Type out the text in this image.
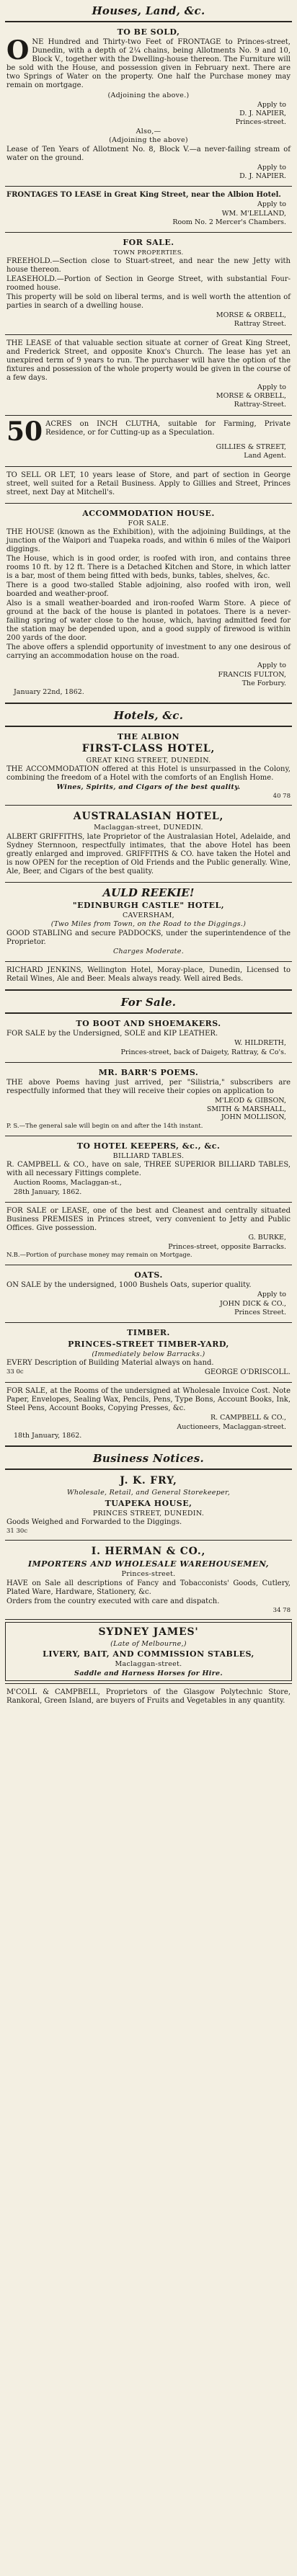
Houses, Land, &c.
TO BE SOLD,
O NE Hundred and Thirty-two Feet of FRONTAGE to Princes-street, Dunedin, with a depth of 2¼ chains, being Allotments No. 9 and 10, Block V., together with the Dwelling-house thereon. The Furniture will be sold with the House, and possession given in February next. There are two Springs of Water on the property. One half the Purchase money may remain on mortgage.
(Adjoining the above.)
Apply to
D. J. NAPIER,
Princes-street.
Also,—
(Adjoining the above)
Lease of Ten Years of Allotment No. 8, Block V.—a never-failing stream of water on the ground.
Apply to
D. J. NAPIER.
FRONTAGES TO LEASE in Great King Street, near the Albion Hotel.
Apply to
WM. M'LELLAND,
Room No. 2 Mercer's Chambers.
FOR SALE.
TOWN PROPERTIES.
FREEHOLD.—Section close to Stuart-street, and near the new Jetty with house thereon.
LEASEHOLD.—Portion of Section in George Street, with substantial Four-roomed house.
This property will be sold on liberal terms, and is well worth the attention of parties in search of a dwelling house.
MORSE & ORBELL,
Rattray Street.
THE LEASE of that valuable section situate at corner of Great King Street, and Frederick Street, and opposite Knox's Church. The lease has yet an unexpired term of 9 years to run. The purchaser will have the option of the fixtures and possession of the whole property would be given in the course of a few days.
Apply to
MORSE & ORBELL,
Rattray-Street.
50 ACRES on INCH CLUTHA, suitable for Farming, Private Residence, or for Cutting-up as a Speculation.
GILLIES & STREET,
Land Agent.
TO SELL OR LET, 10 years lease of Store, and part of section in George street, well suited for a Retail Business. Apply to Gillies and Street, Princes street, next Day at Mitchell's.
ACCOMMODATION HOUSE.
FOR SALE.
THE HOUSE (known as the Exhibition), with the adjoining Buildings, at the junction of the Waipori and Tuapeka roads, and within 6 miles of the Waipori diggings.
The House, which is in good order, is roofed with iron, and contains three rooms 10 ft. by 12 ft. There is a Detached Kitchen and Store, in which latter is a bar, most of them being fitted with beds, bunks, tables, shelves, &c.
There is a good two-stalled Stable adjoining, also roofed with iron, well boarded and weather-proof.
Also is a small weather-boarded and iron-roofed Warm Store. A piece of ground at the back of the house is planted in potatoes. There is a never-failing spring of water close to the house, which, having admitted feed for the station may be depended upon, and a good supply of firewood is within 200 yards of the door.
The above offers a splendid opportunity of investment to any one desirous of carrying an accommodation house on the road.
Apply to
FRANCIS FULTON,
The Forbury.
January 22nd, 1862.
Hotels, &c.
THE ALBION
FIRST-CLASS HOTEL,
GREAT KING STREET, DUNEDIN.
THE ACCOMMODATION offered at this Hotel is unsurpassed in the Colony, combining the freedom of a Hotel with the comforts of an English Home.
Wines, Spirits, and Cigars of the best quality.
40 78
AUSTRALASIAN HOTEL,
Maclaggan-street, DUNEDIN.
ALBERT GRIFFITHS, late Proprietor of the Australasian Hotel, Adelaide, and Sydney Sternnoon, respectfully intimates, that the above Hotel has been greatly enlarged and improved. GRIFFITHS & CO. have taken the Hotel and is now OPEN for the reception of Old Friends and the Public generally. Wine, Ale, Beer, and Cigars of the best quality.
AULD REEKIE!
"EDINBURGH CASTLE" HOTEL,
CAVERSHAM,
(Two Miles from Town, on the Road to the Diggings.)
GOOD STABLING and secure PADDOCKS, under the superintendence of the Proprietor.
Charges Moderate.
RICHARD JENKINS, Wellington Hotel, Moray-place, Dunedin, Licensed to Retail Wines, Ale and Beer. Meals always ready. Well aired Beds.
For Sale.
TO BOOT AND SHOEMAKERS.
FOR SALE by the Undersigned, SOLE and KIP LEATHER.
W. HILDRETH,
Princes-street, back of Daigety, Rattray, & Co's.
MR. BARR'S POEMS.
THE above Poems having just arrived, per "Silistria," subscribers are respectfully informed that they will receive their copies on application to
M'LEOD & GIBSON,
SMITH & MARSHALL,
JOHN MOLLISON,
P. S.—The general sale will begin on and after the 14th instant.
TO HOTEL KEEPERS, &c., &c.
BILLIARD TABLES.
R. CAMPBELL & CO., have on sale, THREE SUPERIOR BILLIARD TABLES, with all necessary Fittings complete.
Auction Rooms, Maclaggan-st.,
28th January, 1862.
FOR SALE or LEASE, one of the best and Cleanest and centrally situated Business PREMISES in Princes street, very convenient to Jetty and Public Offices. Give possession.
G. BURKE,
Princes-street, opposite Barracks.
N.B.—Portion of purchase money may remain on Mortgage.
OATS.
ON SALE by the undersigned, 1000 Bushels Oats, superior quality.
Apply to
JOHN DICK & CO.,
Princes Street.
TIMBER.
PRINCES-STREET TIMBER-YARD,
(Immediately below Barracks.)
EVERY Description of Building Material always on hand.
33 0c	GEORGE O'DRISCOLL.
FOR SALE, at the Rooms of the undersigned at Wholesale Invoice Cost. Note Paper, Envelopes, Sealing Wax, Pencils, Pens, Type Bons, Account Books, Ink, Steel Pens, Account Books, Copying Presses, &c.
R. CAMPBELL & CO.,
Auctioneers, Maclaggan-street.
18th January, 1862.
Business Notices.
J. K. FRY,
Wholesale, Retail, and General Storekeeper,
TUAPEKA HOUSE,
PRINCES STREET, DUNEDIN.
Goods Weighed and Forwarded to the Diggings.
31 30c
I. HERMAN & CO.,
IMPORTERS AND WHOLESALE WAREHOUSEMEN,
Princes-street.
HAVE on Sale all descriptions of Fancy and Tobacconists' Goods, Cutlery, Plated Ware, Hardware, Stationery, &c.
Orders from the country executed with care and dispatch.
34 78
SYDNEY JAMES'
(Late of Melbourne,)
LIVERY, BAIT, AND COMMISSION STABLES,
Maclaggan-street.
Saddle and Harness Horses for Hire.
M'COLL & CAMPBELL, Proprietors of the Glasgow Polytechnic Store, Rankoral, Green Island, are buyers of Fruits and Vegetables in any quantity.
